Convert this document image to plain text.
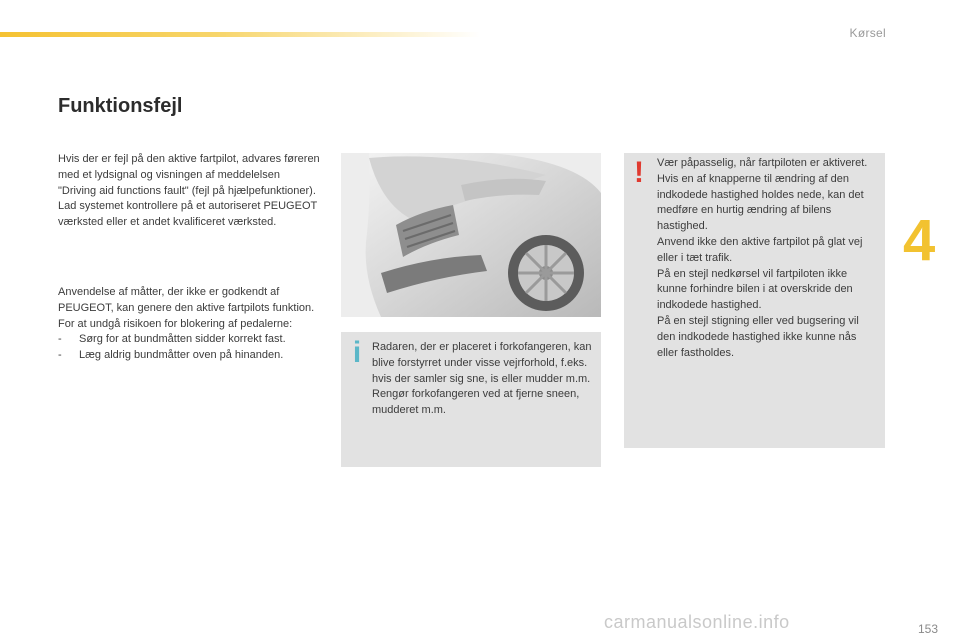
Kørsel
4
Funktionsfejl

Hvis der er fejl på den aktive fartpilot, advares føreren med et lydsignal og visningen af meddelelsen "Driving aid functions fault" (fejl på hjælpefunktioner).

Lad systemet kontrollere på et autoriseret PEUGEOT værksted eller et andet kvalificeret værksted.

Anvendelse af måtter, der ikke er godkendt af PEUGEOT, kan genere den aktive fartpilots funktion.

For at undgå risikoen for blokering af pedalerne:

- Sørg for at bundmåtten sidder korrekt fast.
- Læg aldrig bundmåtter oven på hinanden.	i Radaren, der er placeret i forkofangeren, kan blive forstyrret under visse vejrforhold, f.eks. hvis der samler sig sne, is eller mudder m.m.

Rengør forkofangeren ved at fjerne sneen, mudderet m.m.

! Vær påpasselig, når fartpiloten er aktiveret. Hvis en af knapperne til ændring af den indkodede hastighed holdes nede, kan det medføre en hurtig ændring af bilens hastighed.

Anvend ikke den aktive fartpilot på glat vej eller i tæt trafik.

På en stejl nedkørsel vil fartpiloten ikke kunne forhindre bilen i at overskride den indkodede hastighed.

På en stejl stigning eller ved bugsering vil den indkodede hastighed ikke kunne nås eller fastholdes.

carmanualsonline.info	153
